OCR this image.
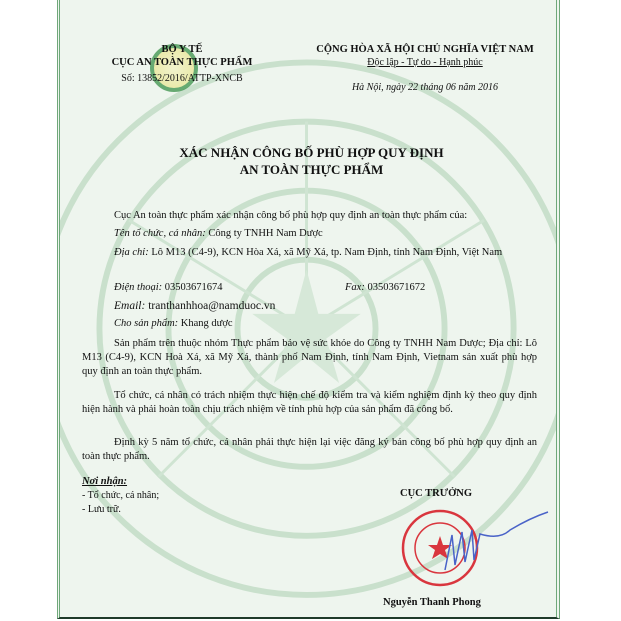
BỘ Y TẾ
CỤC AN TOÀN THỰC PHẨM
Số: 13852/2016/ATTP-XNCB
CỘNG HÒA XÃ HỘI CHỦ NGHĨA VIỆT NAM
Độc lập - Tự do - Hạnh phúc
Hà Nội, ngày 22 tháng 06 năm 2016
XÁC NHẬN CÔNG BỐ PHÙ HỢP QUY ĐỊNH
AN TOÀN THỰC PHẨM
Cục An toàn thực phẩm xác nhận công bố phù hợp quy định an toàn thực phẩm của:
Tên tổ chức, cá nhân: Công ty TNHH Nam Dược
Địa chỉ: Lô M13 (C4-9), KCN Hòa Xá, xã Mỹ Xá, tp. Nam Định, tỉnh Nam Định, Việt Nam
Điện thoại: 03503671674	Fax: 03503671672
Email: tranthanhhoa@namduoc.vn
Cho sản phẩm: Khang dược
Sản phẩm trên thuộc nhóm Thực phẩm bảo vệ sức khỏe do Công ty TNHH Nam Dược; Địa chỉ: Lô M13 (C4-9), KCN Hoà Xá, xã Mỹ Xá, thành phố Nam Định, tỉnh Nam Định, Vietnam sản xuất phù hợp quy định an toàn thực phẩm.
Tổ chức, cá nhân có trách nhiệm thực hiện chế độ kiểm tra và kiểm nghiệm định kỳ theo quy định hiện hành và phải hoàn toàn chịu trách nhiệm về tính phù hợp của sản phẩm đã công bố.
Định kỳ 5 năm tổ chức, cá nhân phải thực hiện lại việc đăng ký bản công bố phù hợp quy định an toàn thực phẩm.
Nơi nhận:
- Tổ chức, cá nhân;
- Lưu trữ.
CỤC TRƯỞNG
Nguyễn Thanh Phong
